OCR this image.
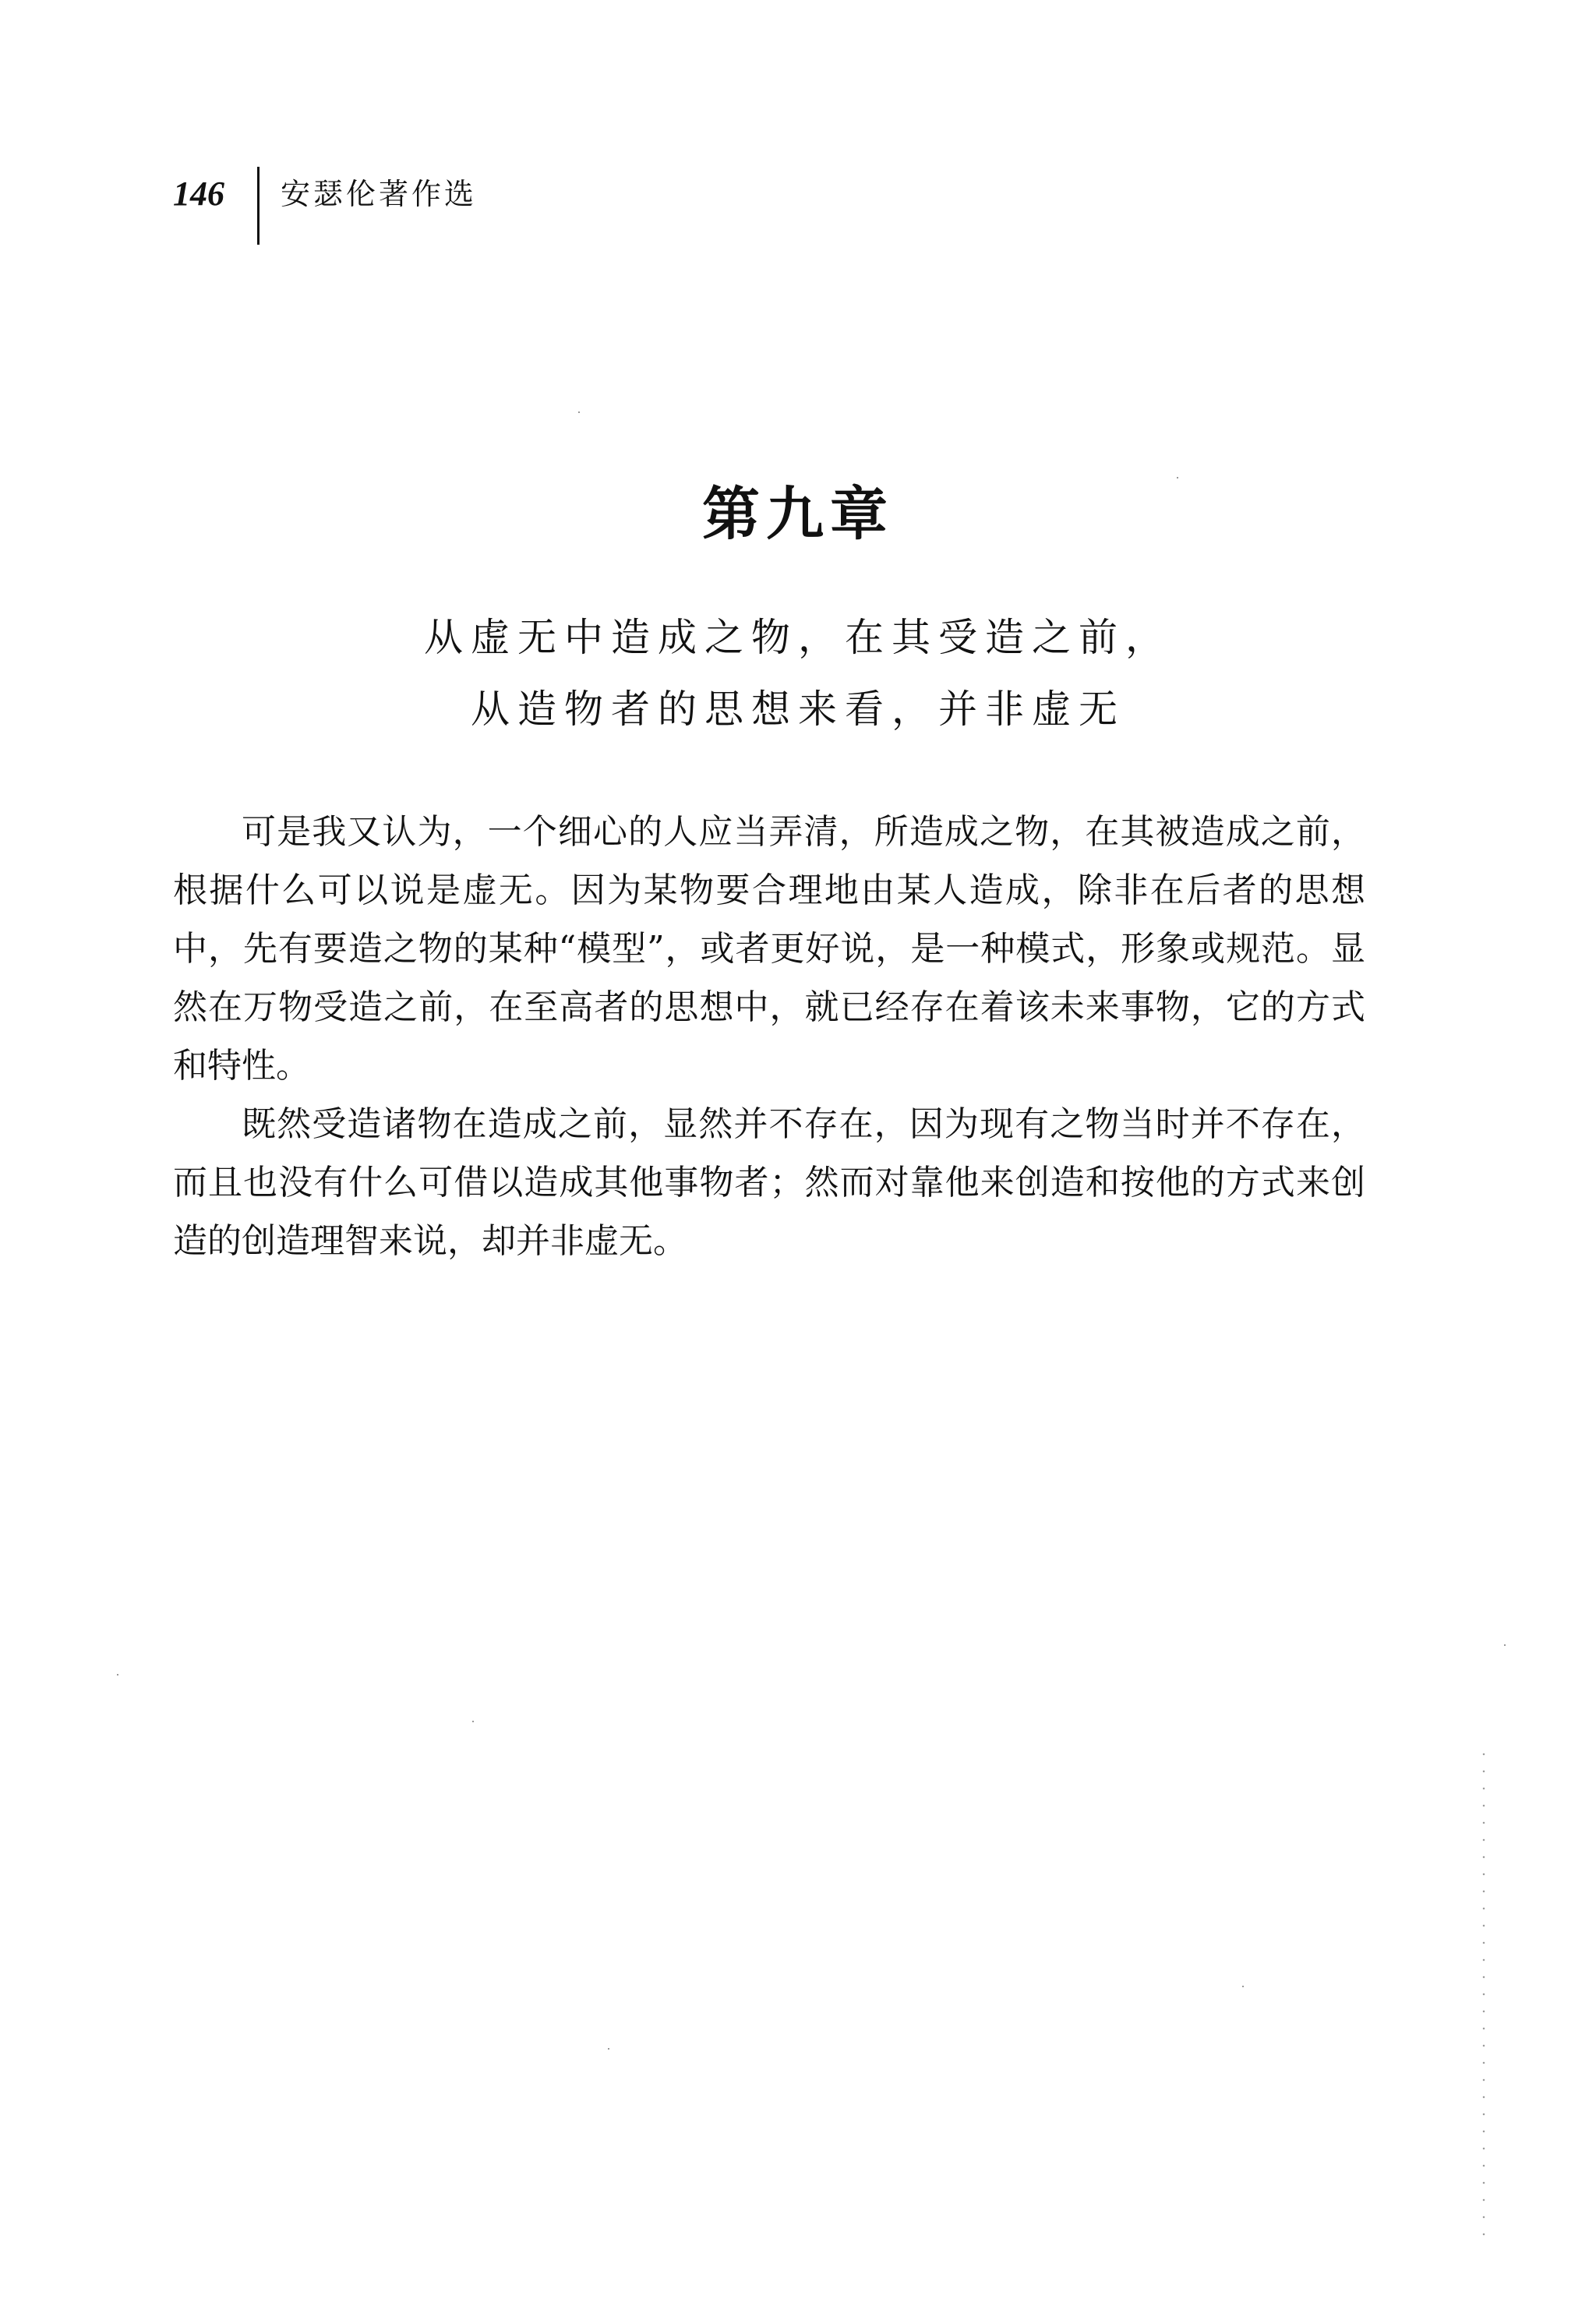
146 安瑟伦著作选
第九章
从虚无中造成之物，在其受造之前，
从造物者的思想来看，并非虚无

可是我又认为，一个细心的人应当弄清，所造成之物，在其被造成之前，根据什么可以说是虚无。因为某物要合理地由某人造成，除非在后者的思想中，先有要造之物的某种“模型”，或者更好说，是一种模式，形象或规范。显然在万物受造之前，在至高者的思想中，就已经存在着该未来事物，它的方式和特性。

既然受造诸物在造成之前，显然并不存在，因为现有之物当时并不存在，而且也没有什么可借以造成其他事物者；然而对靠他来创造和按他的方式来创造的创造理智来说，却并非虚无。
